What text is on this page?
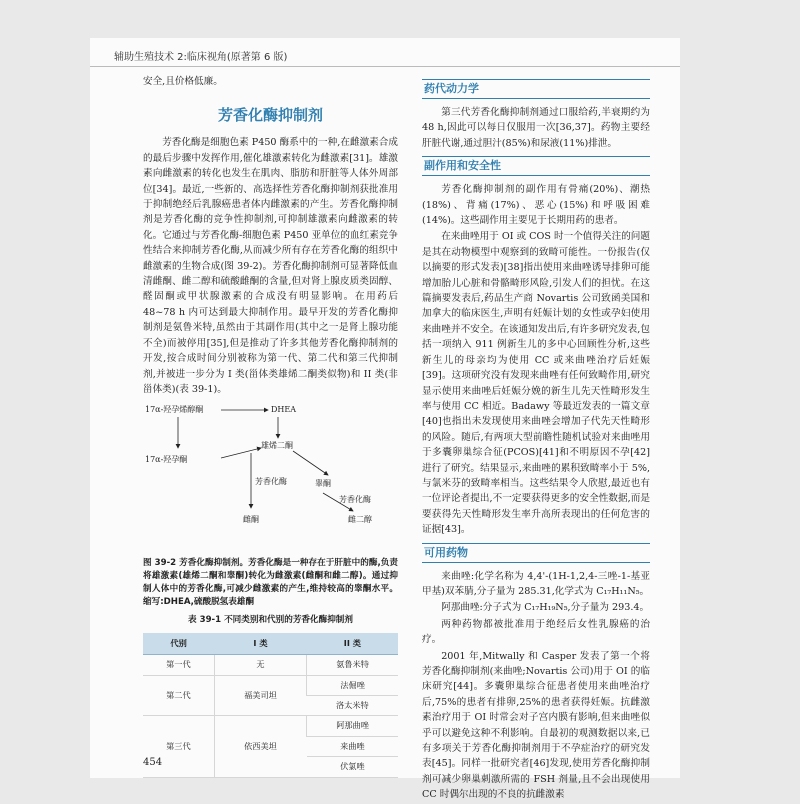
辅助生殖技术 2:临床视角(原著第 6 版)

安全,且价格低廉。

芳香化酶抑制剂

芳香化酶是细胞色素 P450 酶系中的一种,在雌激素合成的最后步骤中发挥作用,催化雄激素转化为雌激素[31]。雄激素向雌激素的转化也发生在肌肉、脂肪和肝脏等人体外周部位[34]。最近,一些新的、高选择性芳香化酶抑制剂获批准用于抑制绝经后乳腺癌患者体内雌激素的产生。芳香化酶抑制剂是芳香化酶的竞争性抑制剂,可抑制雄激素向雌激素的转化。它通过与芳香化酶-细胞色素 P450 亚单位的血红素竞争性结合来抑制芳香化酶,从而减少所有存在芳香化酶的组织中雌激素的生物合成(图 39-2)。芳香化酶抑制剂可显著降低血清雌酮、雌二醇和硫酸雌酮的含量,但对肾上腺皮质类固醇、醛固酮或甲状腺激素的合成没有明显影响。在用药后 48~78 h 内可达到最大抑制作用。最早开发的芳香化酶抑制剂是氨鲁米特,虽然由于其副作用(其中之一是肾上腺功能不全)而被停用[35],但是推动了许多其他芳香化酶抑制剂的开发,按合成时间分别被称为第一代、第二代和第三代抑制剂,并被进一步分为 I 类(甾体类雄烯二酮类似物)和 II 类(非甾体类)(表 39-1)。

17α-羟孕烯醇酮	DHEA
雄烯二酮
17α-羟孕酮
睾酮
芳香化酶
芳香化酶
雌酮	雌二醇

图 39-2 芳香化酶抑制剂。芳香化酶是一种存在于肝脏中的酶,负责将雄激素(雄烯二酮和睾酮)转化为雌激素(雌酮和雌二醇)。通过抑制人体中的芳香化酶,可减少雌激素的产生,维持较高的睾酮水平。缩写:DHEA,硫酸脱氢表雄酮

表 39-1 不同类别和代别的芳香化酶抑制剂
代别	I 类	II 类
第一代	无	氨鲁米特
第二代	福美司坦	法倔唑
		洛太米特
第三代	依西美坦	阿那曲唑
		来曲唑
		伏氯唑
药代动力学

第三代芳香化酶抑制剂通过口服给药,半衰期约为 48 h,因此可以每日仅服用一次[36,37]。药物主要经肝脏代谢,通过胆汁(85%)和尿液(11%)排泄。

副作用和安全性

芳香化酶抑制剂的副作用有骨痛(20%)、潮热(18%)、背痛(17%)、恶心(15%)和呼吸困难(14%)。这些副作用主要见于长期用药的患者。

在来曲唑用于 OI 或 COS 时一个值得关注的问题是其在动物模型中观察到的致畸可能性。一份报告(仅以摘要的形式发表)[38]指出使用来曲唑诱导排卵可能增加胎儿心脏和骨骼畸形风险,引发人们的担忧。在这篇摘要发表后,药品生产商 Novartis 公司致函美国和加拿大的临床医生,声明有妊娠计划的女性或孕妇使用来曲唑并不安全。在该通知发出后,有许多研究发表,包括一项纳入 911 例新生儿的多中心回顾性分析,这些新生儿的母亲均为使用 CC 或来曲唑治疗后妊娠[39]。这项研究没有发现来曲唑有任何致畸作用,研究显示使用来曲唑后妊娠分娩的新生儿先天性畸形发生率与使用 CC 相近。Badawy 等最近发表的一篇文章[40]也指出未发现使用来曲唑会增加子代先天性畸形的风险。随后,有两项大型前瞻性随机试验对来曲唑用于多囊卵巢综合征(PCOS)[41]和不明原因不孕[42]进行了研究。结果显示,来曲唑的累积致畸率小于 5%,与氯米芬的致畸率相当。这些结果令人欣慰,最近也有一位评论者提出,不一定要获得更多的安全性数据,而是要获得先天性畸形发生率升高所表现出的任何危害的证据[43]。

可用药物

来曲唑:化学名称为 4,4'-(1H-1,2,4-三唑-1-基亚甲基)双苯腈,分子量为 285.31,化学式为 C₁₇H₁₁N₅。

阿那曲唑:分子式为 C₁₇H₁₉N₅,分子量为 293.4。

两种药物都被批准用于绝经后女性乳腺癌的治疗。

2001 年,Mitwally 和 Casper 发表了第一个将芳香化酶抑制剂(来曲唑;Novartis 公司)用于 OI 的临床研究[44]。多囊卵巢综合征患者使用来曲唑治疗后,75%的患者有排卵,25%的患者获得妊娠。抗雌激素治疗用于 OI 时常会对子宫内膜有影响,但来曲唑似乎可以避免这种不利影响。自最初的观测数据以来,已有多项关于芳香化酶抑制剂用于不孕症治疗的研究发表[45]。同样一批研究者[46]发现,使用芳香化酶抑制剂可减少卵巢刺激所需的 FSH 剂量,且不会出现使用 CC 时偶尔出现的不良的抗雌激素

454
